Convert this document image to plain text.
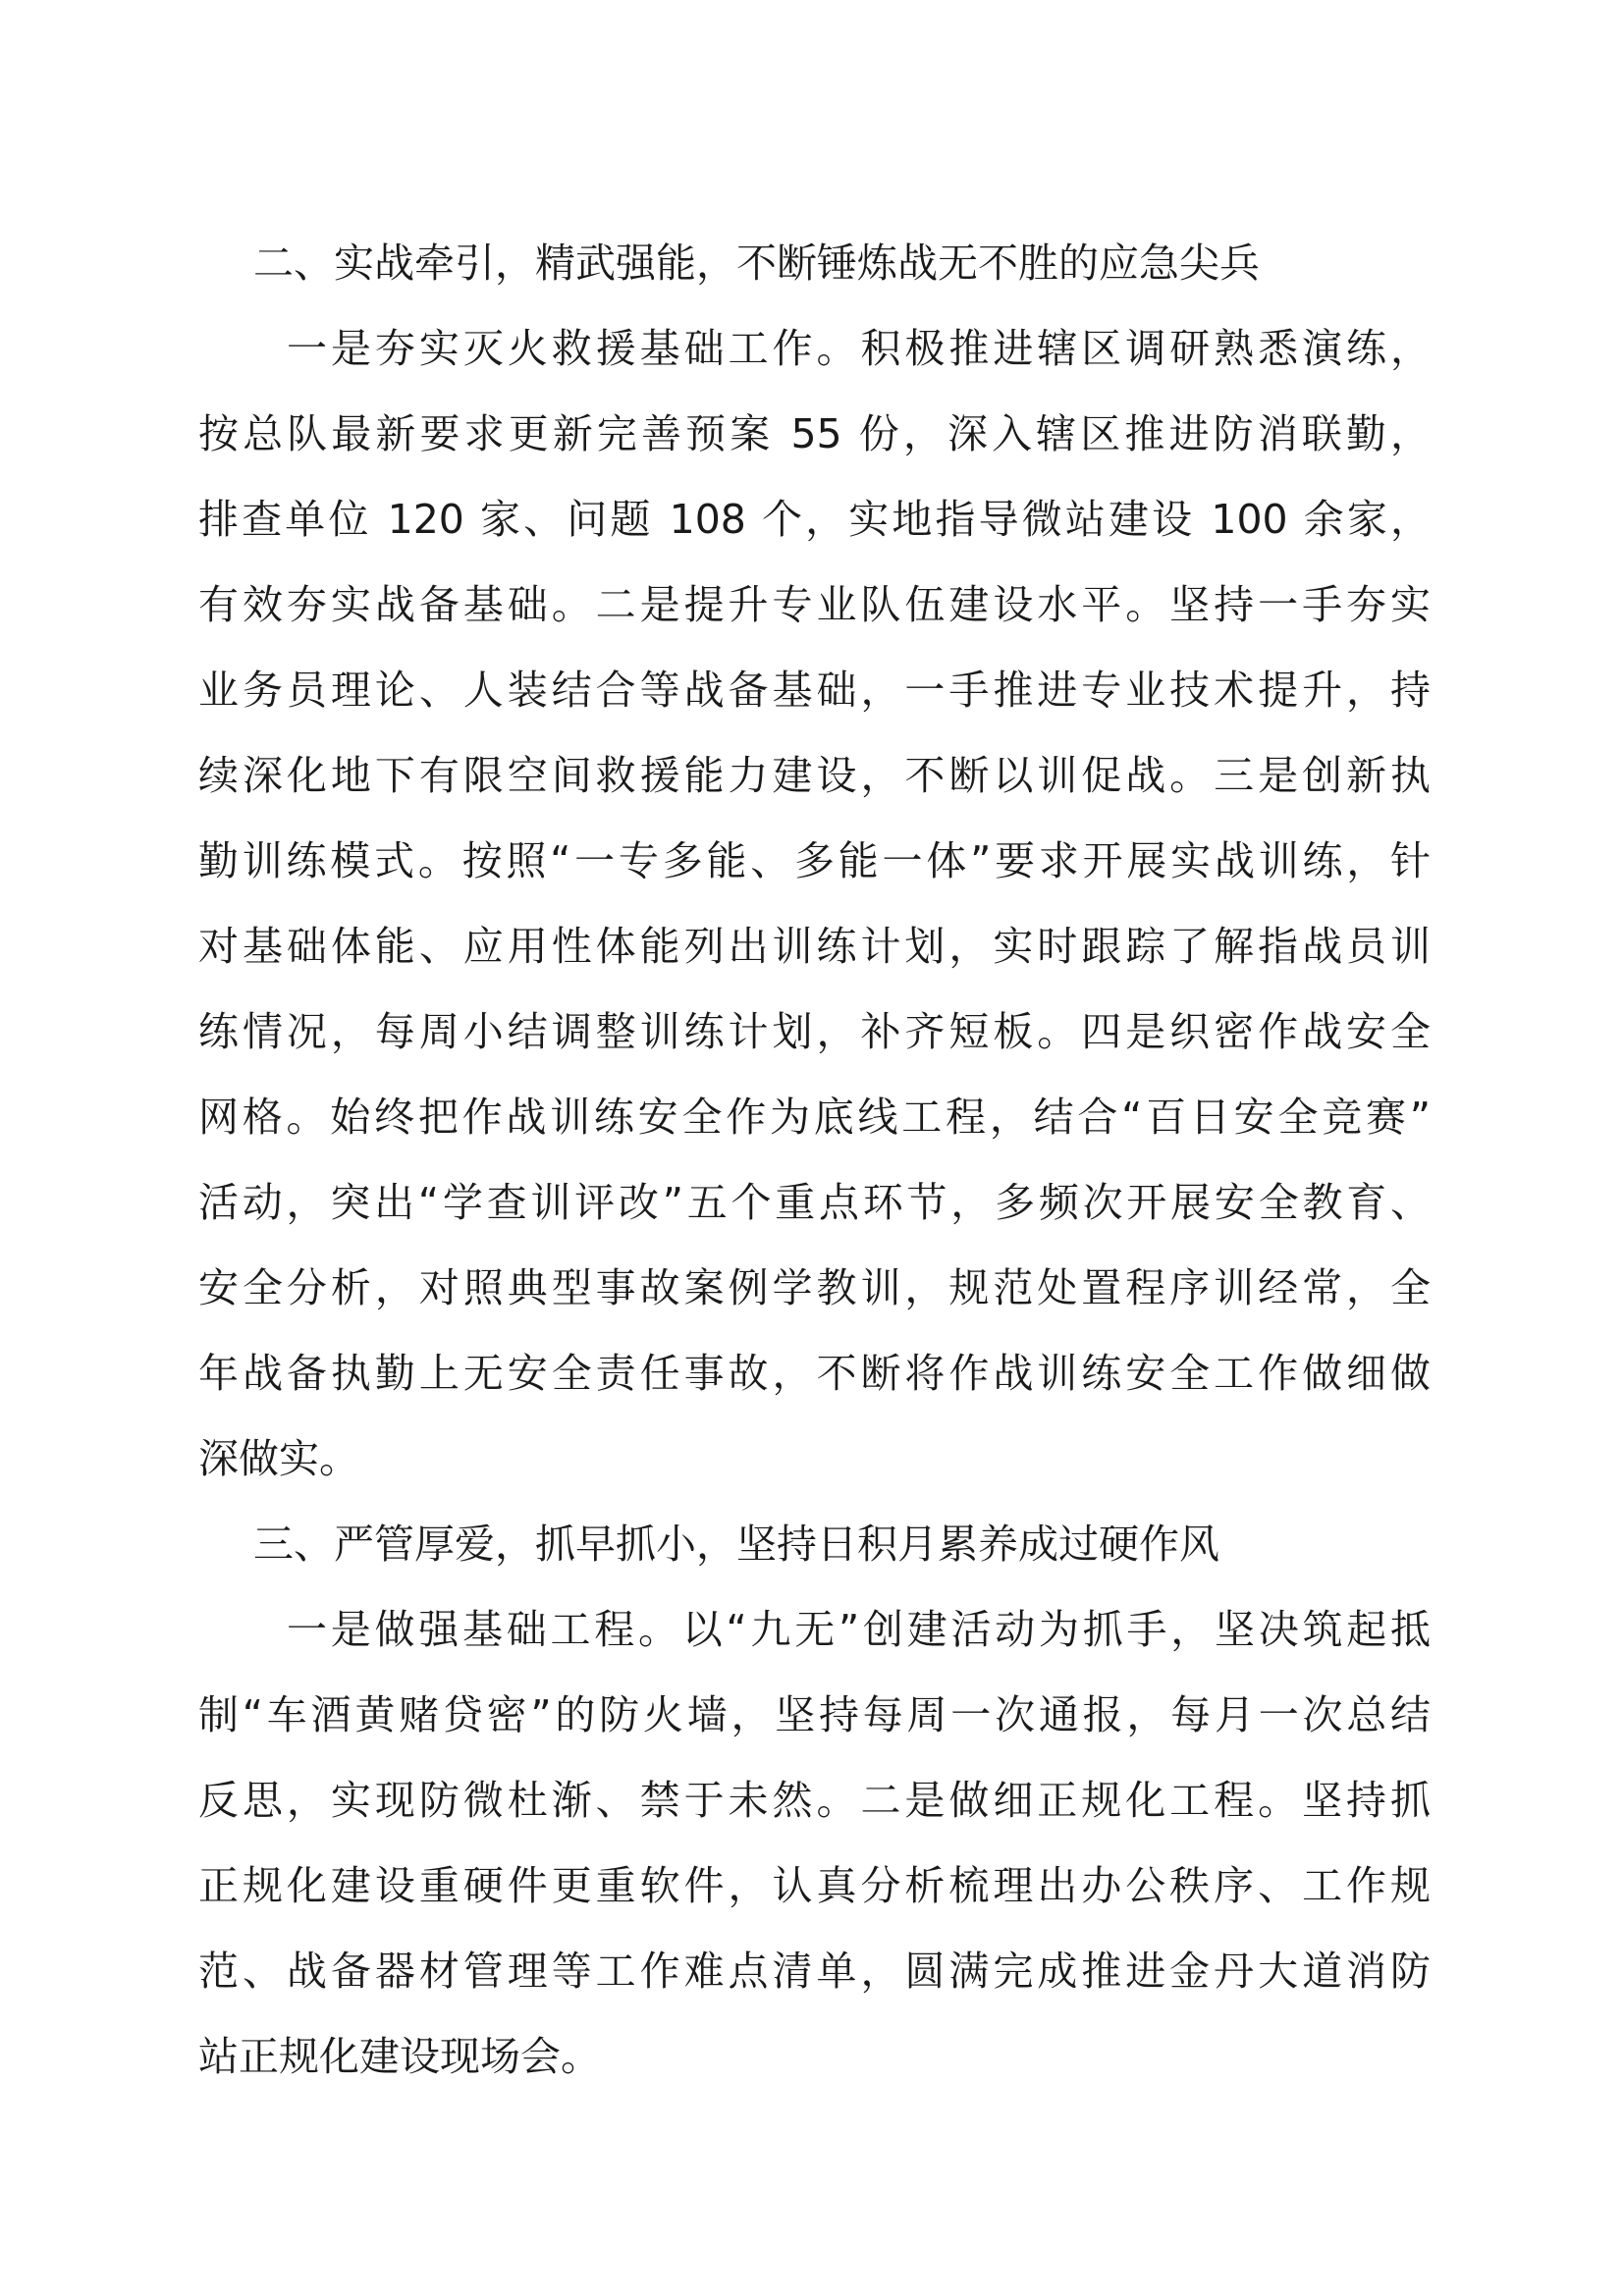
二、实战牵引，精武强能，不断锤炼战无不胜的应急尖兵

一是夯实灭火救援基础工作。积极推进辖区调研熟悉演练，

按总队最新要求更新完善预案 55 份，深入辖区推进防消联勤，

排查单位 120 家、问题 108 个，实地指导微站建设 100 余家，

有效夯实战备基础。二是提升专业队伍建设水平。坚持一手夯实

业务员理论、人装结合等战备基础，一手推进专业技术提升，持

续深化地下有限空间救援能力建设，不断以训促战。三是创新执

勤训练模式。按照“一专多能、多能一体”要求开展实战训练，针

对基础体能、应用性体能列出训练计划，实时跟踪了解指战员训

练情况，每周小结调整训练计划，补齐短板。四是织密作战安全

网格。始终把作战训练安全作为底线工程，结合“百日安全竞赛”

活动，突出“学查训评改”五个重点环节，多频次开展安全教育、

安全分析，对照典型事故案例学教训，规范处置程序训经常，全

年战备执勤上无安全责任事故，不断将作战训练安全工作做细做

深做实。

三、严管厚爱，抓早抓小，坚持日积月累养成过硬作风

一是做强基础工程。以“九无”创建活动为抓手，坚决筑起抵

制“车酒黄赌贷密”的防火墙，坚持每周一次通报，每月一次总结

反思，实现防微杜渐、禁于未然。二是做细正规化工程。坚持抓

正规化建设重硬件更重软件，认真分析梳理出办公秩序、工作规

范、战备器材管理等工作难点清单，圆满完成推进金丹大道消防

站正规化建设现场会。
